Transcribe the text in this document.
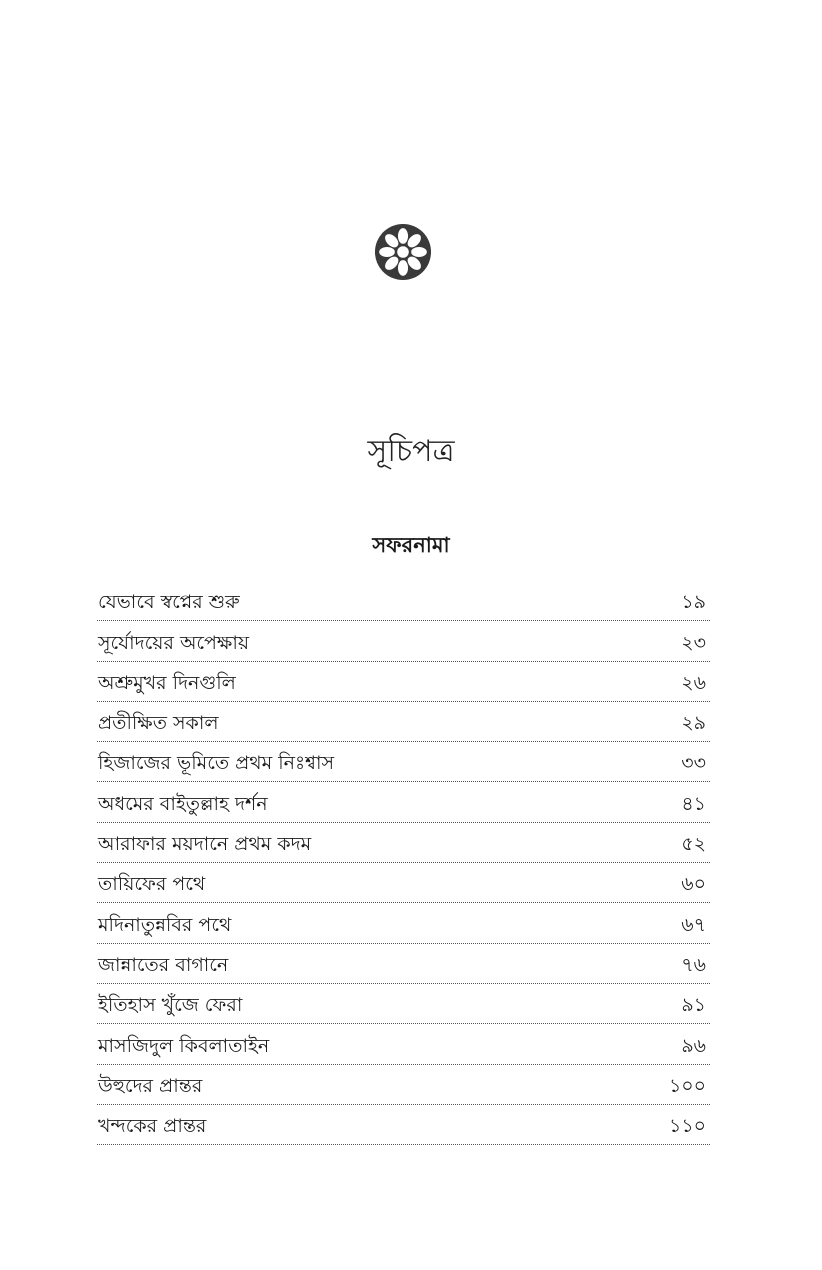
সূচিপত্র
সফরনামা
যেভাবে স্বপ্নের শুরু	১৯
সূর্যোদয়ের অপেক্ষায়	২৩
অশ্রুমুখর দিনগুলি	২৬
প্রতীক্ষিত সকাল	২৯
হিজাজের ভূমিতে প্রথম নিঃশ্বাস	৩৩
অধমের বাইতুল্লাহ দর্শন	৪১
আরাফার ময়দানে প্রথম কদম	৫২
তায়িফের পথে	৬০
মদিনাতুন্নবির পথে	৬৭
জান্নাতের বাগানে	৭৬
ইতিহাস খুঁজে ফেরা	৯১
মাসজিদুল কিবলাতাইন	৯৬
উহুদের প্রান্তর	১০০
খন্দকের প্রান্তর	১১০
